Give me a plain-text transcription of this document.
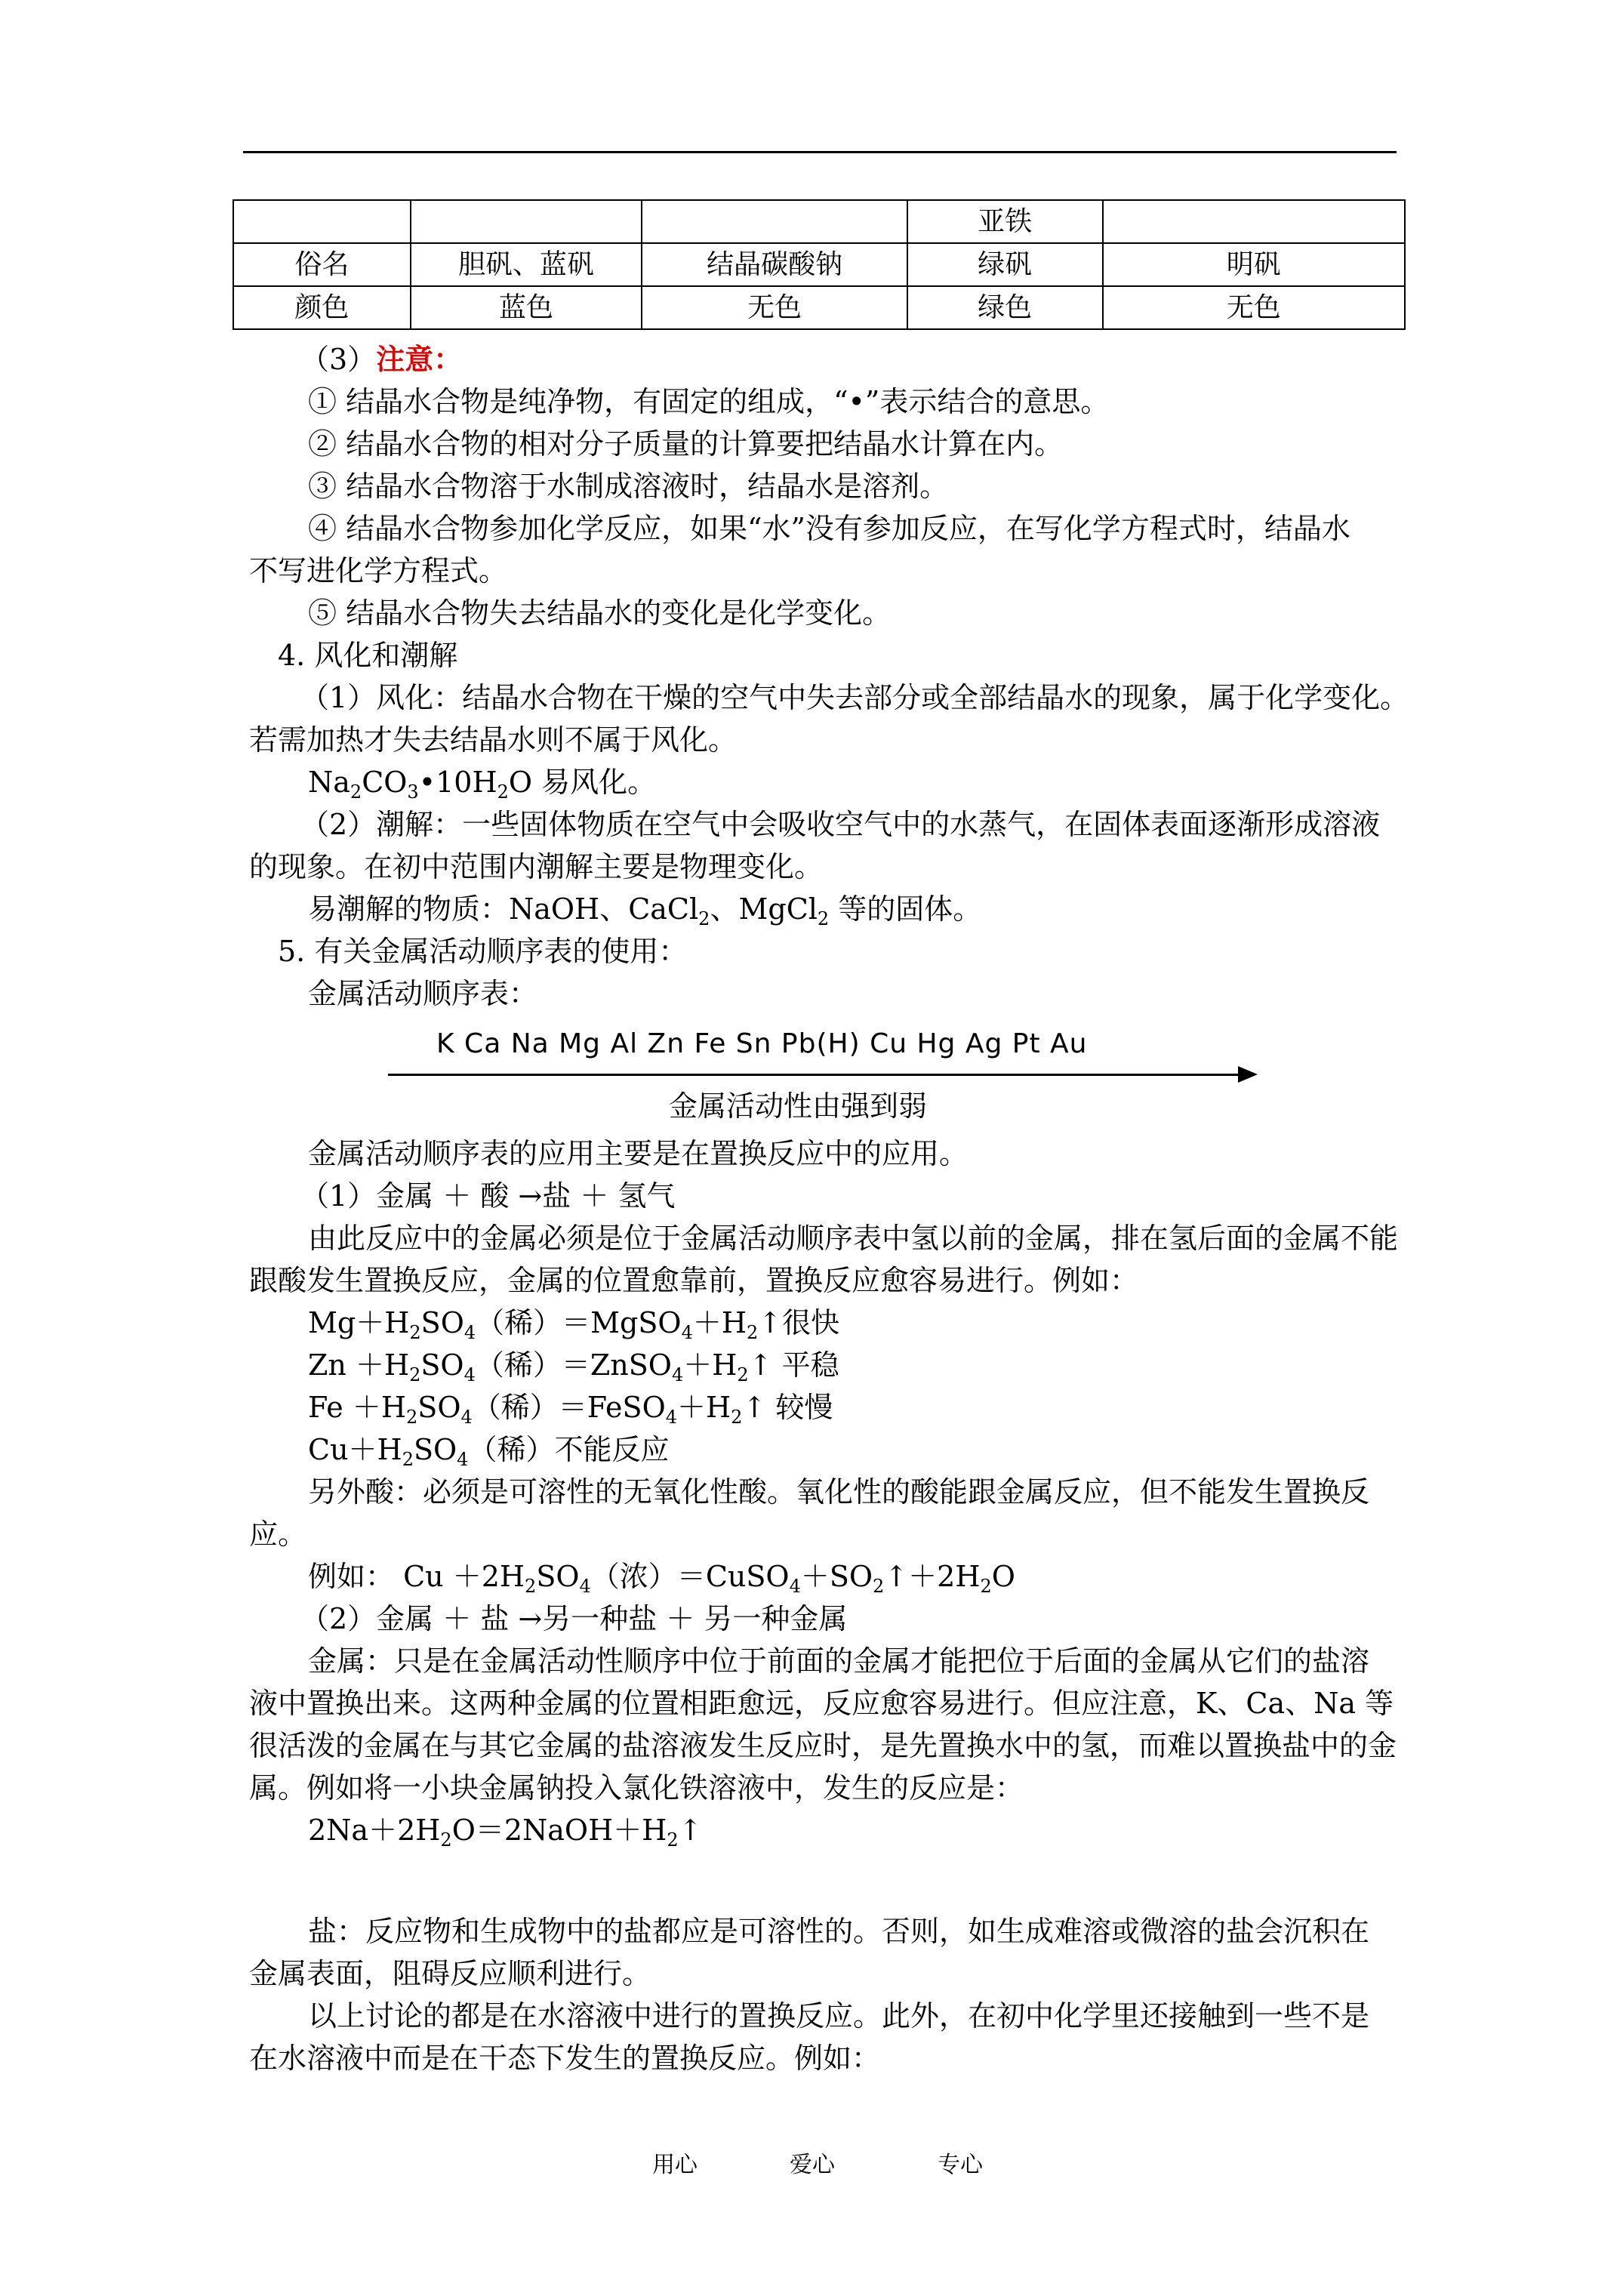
			亚铁	
俗名	胆矾、蓝矾	结晶碳酸钠	绿矾	明矾
颜色	蓝色	无色	绿色	无色
（3）注意：
① 结晶水合物是纯净物，有固定的组成，“•”表示结合的意思。
② 结晶水合物的相对分子质量的计算要把结晶水计算在内。
③ 结晶水合物溶于水制成溶液时，结晶水是溶剂。
④ 结晶水合物参加化学反应，如果“水”没有参加反应，在写化学方程式时，结晶水
不写进化学方程式。
⑤ 结晶水合物失去结晶水的变化是化学变化。
4. 风化和潮解
（1）风化：结晶水合物在干燥的空气中失去部分或全部结晶水的现象，属于化学变化。
若需加热才失去结晶水则不属于风化。
$Na_2CO_3•10H_2O$ 易风化。
（2）潮解：一些固体物质在空气中会吸收空气中的水蒸气，在固体表面逐渐形成溶液
的现象。在初中范围内潮解主要是物理变化。
易潮解的物质：NaOH、CaCl$_2$、MgCl$_2$ 等的固体。
5. 有关金属活动顺序表的使用：
金属活动顺序表：
K Ca Na Mg Al Zn Fe Sn Pb(H) Cu Hg Ag Pt Au
金属活动性由强到弱
金属活动顺序表的应用主要是在置换反应中的应用。
（1）金属 ＋ 酸 →盐 ＋ 氢气
由此反应中的金属必须是位于金属活动顺序表中氢以前的金属，排在氢后面的金属不能
跟酸发生置换反应，金属的位置愈靠前，置换反应愈容易进行。例如：
$Mg+H_2SO_4$（稀）$=MgSO_4+H_2↑$很快
$Zn +H_2SO_4$（稀）$=ZnSO_4+H_2↑$ 平稳
$Fe +H_2SO_4$（稀）$=FeSO_4+H_2↑$ 较慢
$Cu+H_2SO_4$（稀）不能反应
另外酸：必须是可溶性的无氧化性酸。氧化性的酸能跟金属反应，但不能发生置换反
应。
例如： $Cu +2H_2SO_4$（浓）$=CuSO_4+SO_2↑+2H_2O$
（2）金属 ＋ 盐 →另一种盐 ＋ 另一种金属
金属：只是在金属活动性顺序中位于前面的金属才能把位于后面的金属从它们的盐溶
液中置换出来。这两种金属的位置相距愈远，反应愈容易进行。但应注意，K、Ca、Na 等
很活泼的金属在与其它金属的盐溶液发生反应时，是先置换水中的氢，而难以置换盐中的金
属。例如将一小块金属钠投入氯化铁溶液中，发生的反应是：
$2Na+2H_2O=2NaOH+H_2↑$
盐：反应物和生成物中的盐都应是可溶性的。否则，如生成难溶或微溶的盐会沉积在
金属表面，阻碍反应顺利进行。
以上讨论的都是在水溶液中进行的置换反应。此外，在初中化学里还接触到一些不是
在水溶液中而是在干态下发生的置换反应。例如：
用心	爱心	专心
